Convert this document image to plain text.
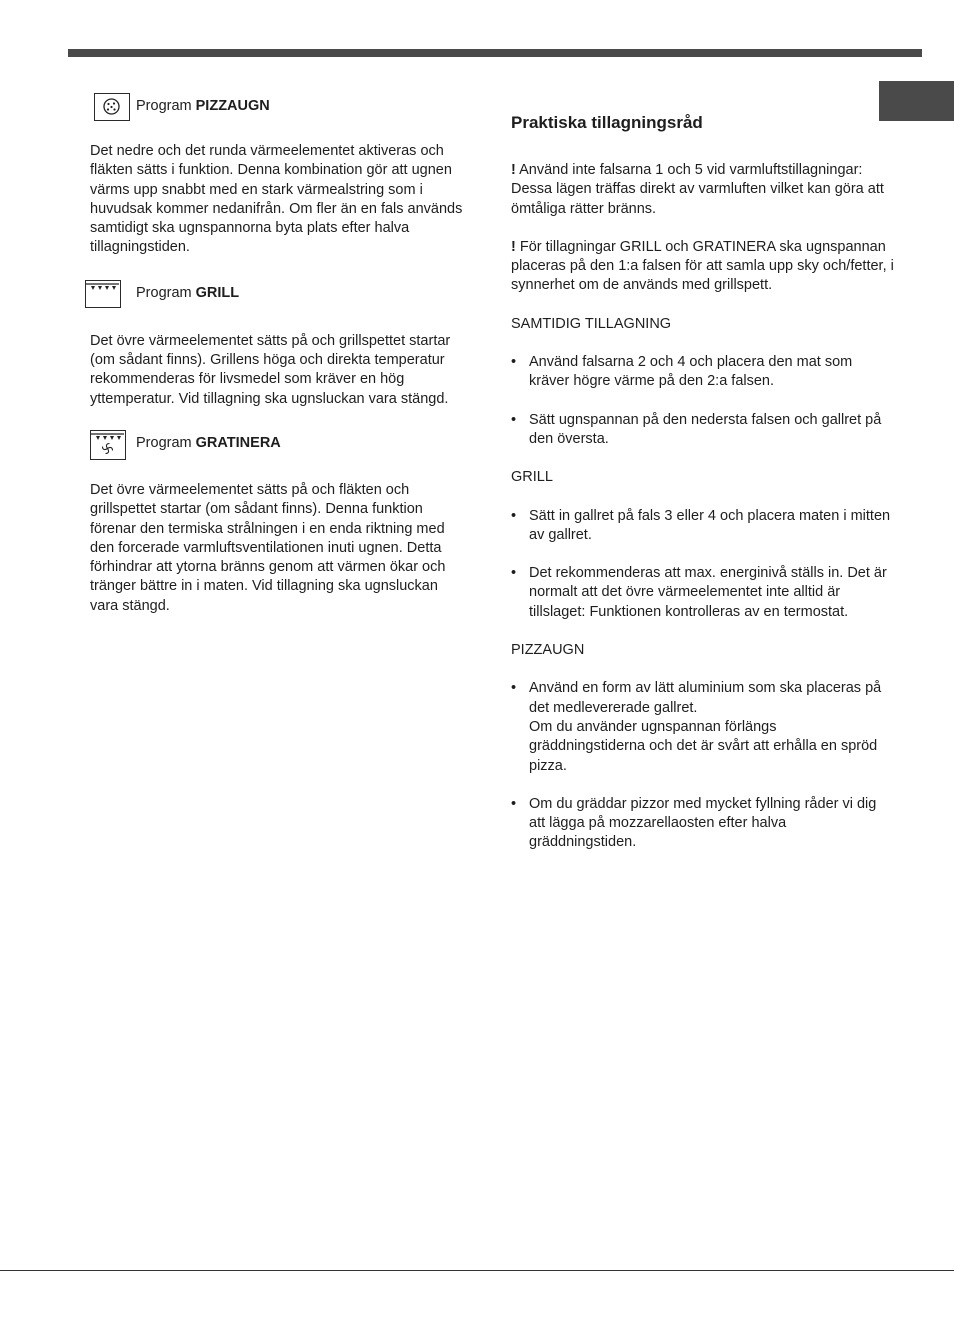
Program PIZZAUGN

Det nedre och det runda värmeelementet aktiveras och fläkten sätts i funktion. Denna kombination gör att ugnen värms upp snabbt med en stark värmealstring som i huvudsak kommer nedanifrån. Om fler än en fals används samtidigt ska ugnspannorna byta plats efter halva tillagningstiden.

Program GRILL

Det övre värmeelementet sätts på och grillspettet startar (om sådant finns). Grillens höga och direkta temperatur rekommenderas för livsmedel som kräver en hög yttemperatur. Vid tillagning ska ugnsluckan vara stängd.

Program GRATINERA

Det övre värmeelementet sätts på och fläkten och grillspettet startar (om sådant finns). Denna funktion förenar den termiska strålningen i en enda riktning med den forcerade varmluftsventilationen inuti ugnen. Detta förhindrar att ytorna bränns genom att värmen ökar och tränger bättre in i maten. Vid tillagning ska ugnsluckan vara stängd.

Praktiska tillagningsråd

! Använd inte falsarna 1 och 5 vid varmluftstillagningar: Dessa lägen träffas direkt av varmluften vilket kan göra att ömtåliga rätter bränns.

! För tillagningar GRILL och GRATINERA ska ugnspannan placeras på den 1:a falsen för att samla upp sky och/fetter, i synnerhet om de används med grillspett.

SAMTIDIG TILLAGNING

• Använd falsarna 2 och 4 och placera den mat som kräver högre värme på den 2:a falsen.

• Sätt ugnspannan på den nedersta falsen och gallret på den översta.

GRILL

• Sätt in gallret på fals 3 eller 4 och placera maten i mitten av gallret.

• Det rekommenderas att max. energinivå ställs in. Det är normalt att det övre värmeelementet inte alltid är tillslaget: Funktionen kontrolleras av en termostat.

PIZZAUGN

• Använd en form av lätt aluminium som ska placeras på det medlevererade gallret.
Om du använder ugnspannan förlängs gräddningstiderna och det är svårt att erhålla en spröd pizza.

• Om du gräddar pizzor med mycket fyllning råder vi dig att lägga på mozzarellaosten efter halva gräddningstiden.
